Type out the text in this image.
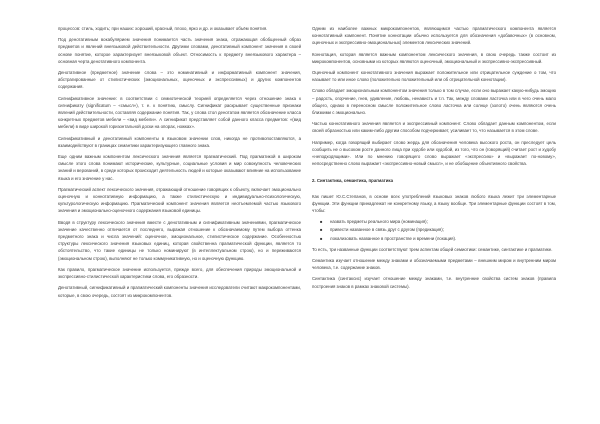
процессов: стиль, ходить; при наших: хороший, красный, плохо, ярко и др. и оказывает объём понятия.

Под денотативным вокабулярием значения понимается часть значения знака, отражающая обобщенный образ предметов и явлений внеязыковой действительности. Другими словами, денотативный компонент значения в своей основе понятие, которое характеризует внеязыковой объект. Относимость к предмету внеязыкового характера – основная черта денотативного компонента.

Денотативное (предметное) значение слова – это номинативный и информативный компонент значения, абстрагированные от стилистических (эмоциональных, оценочных и экспрессивных) и других компонентов содержания.

Сигнификативное значение: в соответствии с семиотической теорией определяется через отношение знака к сигнификату (significatum – «смысл»), т. е. к понятию, смыслу. Сигнификат раскрывает существенные признаки явлений действительности, составляя содержание понятия. Так, у слова стол денотатом является обозначение класса конкретных предметов мебели – «вид мебели». А сигнификат представляет собой данного класса предметов: «(вид мебели) в виде широкой горизонтальной доски на опорах, ножках».

Сигнификативный и денотативный компоненты в языковом значении слов, никогда не противопоставляются, а взаимодействуют в границах семантики характеризующего главного знака.

Еще одним важным компонентом лексического значения является прагматический. Под прагматикой в широком смысле этого слова понимают исторические, культурные, социальные условия и мир совокупность человеческих знаний и верований, в среде которых происходит деятельность людей и которые оказывают влияние на использование языка и его значение у нас.

Прагматический аспект лексического значения, отражающий отношение говорящих к объекту, включает эмоционально оценочную и коннотативную информацию, а также стилистическую и индивидуально-психологическую, культурологическую информацию. Прагматический компонент значения является неотъемлемой частью языкового значения и эмоционально-оценочного содержания языковой единицы.

Вводя в структуру лексического значения вместе с денотативным и сигнификативным значениями, прагматическое значение качественно отличается от последнего, выражая отношение к обозначаемому путем выбора оттенка предметного знака и числа значений: оценочное, эмоциональное, стилистическое содержание. Особенностью структуры лексического значения языковых единиц, которая свойственна прагматической функции, является то обстоятельство, что такие единицы не только номинируют (в интеллектуальном строю), но и переживаются (эмоциональном строю), выполняют не только коммуникативную, но и оценочную функцию.

Как правило, прагматическое значение используется, прежде всего, для обеспечения природы эмоциональной и экспрессивно-стилистической характеристики слова, его образности.

Денотативный, сигнификативный и прагматический компоненты значения исследователи считают макрокомпонентами, которые, в свою очередь, состоят из микрокомпонентов.

Одним из наиболее важных микрокомпонентов, являющимся частью прагматического компонента является коннотативный компонент. Понятие коннотации обычно используется для обозначения «добавочных» (в основном, оценочных и экспрессивно-эмоциональных) элементов лексических значений.

Коннотация, которая является важным компонентом лексического значения, в свою очередь также состоит из микрокомпонентов, основными из которых являются оценочный, эмоциональный и экспрессивно-экспрессивный.

Оценочный компонент коннотативного значения выражает положительное или отрицательное суждение о том, что называет то или иное слово (положительно положительный или об отрицательной коннотации).

Слово обладает эмоциональным компонентом значения только в том случае, если оно выражает какую-нибудь эмоцию – радость, огорчение, гнев, удивление, любовь, ненависть и т.п. Так, между словами ласточка или в чего очень мало общего, однако в переносном смысле положительное слово ласточка или солнце (золото) очень являются очень близкими с эмоционально.

Частью коннотативного значения является и экспрессивный компонент. Слово обладает данным компонентом, если своей образностью или каким-либо другим способом подчеркивает, усиливает то, что называется в этом слове.

Например, когда говорящий выбирает слово жердь для обозначения человека высокого роста, он преследует цель сообщить не о высоком росте данного лица при худобе или худобой, из того, что он (говорящий) считает рост и худобу «неподходящими». Или по мнению говорящего слово выражает «экспрессию» и «выражает по-новому», непосредственно слово выражает «экспрессивно-новый смысл», и не обобщение объективного свойства.

2. Синтактика, семантика, прагматика

Как пишет Ю.С.Степанов, в основе всех употреблений языковых знаков любого языка лежит три элементарные функции. Эти функции принадлежат не конкретному языку, а языку вообще. Три элементарные функции состоят в том, чтобы:

■ назвать предметы реального мира (номинация);
■ привести названное в связь друг с другом (предикация);
■ локализовать названное в пространстве и времени (локация).

То есть, три названные функции соответствуют трем аспектам общей семиотики: семантике, синтактике и прагматике.

Семантика изучает отношение между знаками и обозначаемыми предметами – внешним миром и внутренним миром человека, т.е. содержание знаков.

Синтактика (синтаксис) изучает отношение между знаками, т.е. внутренние свойства систем знаков (правила построения знаков в рамках знаковой системы).
